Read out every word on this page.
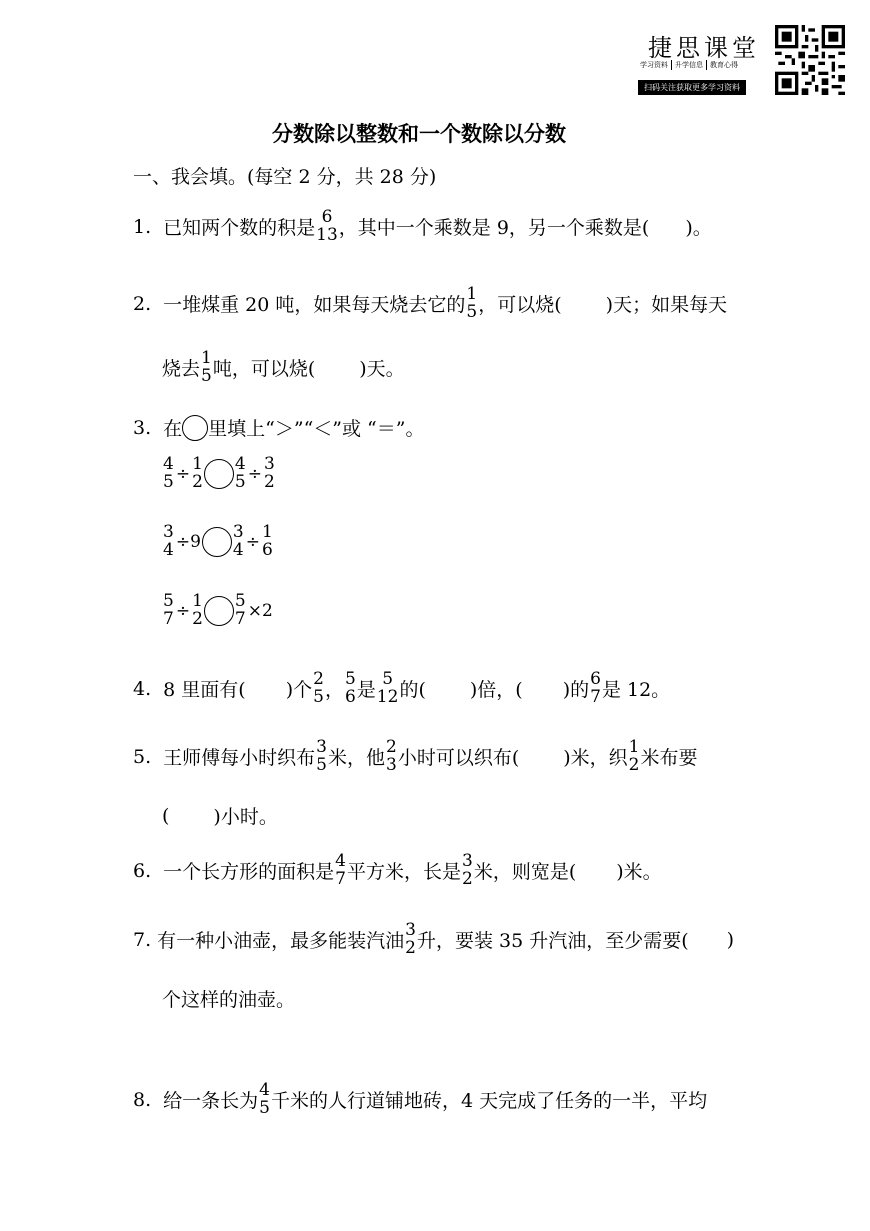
捷思课堂
学习资料 升学信息 教育心得
扫码关注获取更多学习资料
分数除以整数和一个数除以分数
一、我会填。(每空 2 分，共 28 分)
1. 已知两个数的积是
6
13 ，其中一个乘数是 9，另一个乘数是( )。
2. 一堆煤重 20 吨，如果每天烧去它的
1
5 ，可以烧( )天；如果每天
烧去
1
5 吨，可以烧( )天。
3. 在 里填上“＞”“＜”或 “＝”。
4
5 ÷ 1
2
4
5 ÷ 3
2
3
4 ÷9 3
4 ÷ 1
6
5
7 ÷ 1
2
5
7 ×2
4. 8 里面有( )个
2
5 ，
5
6 是
5
12 的( )倍，( )的
6
7 是 12。
5. 王师傅每小时织布
3
5 米，他
2
3 小时可以织布( )米，织
1
2 米布要
( )小时。
6. 一个长方形的面积是
4
7 平方米，长是
3
2 米，则宽是( )米。
7. 有一种小油壶，最多能装汽油
3
2 升，要装 35 升汽油，至少需要( )
个这样的油壶。
8. 给一条长为
4
5 千米的人行道铺地砖，4 天完成了任务的一半，平均
